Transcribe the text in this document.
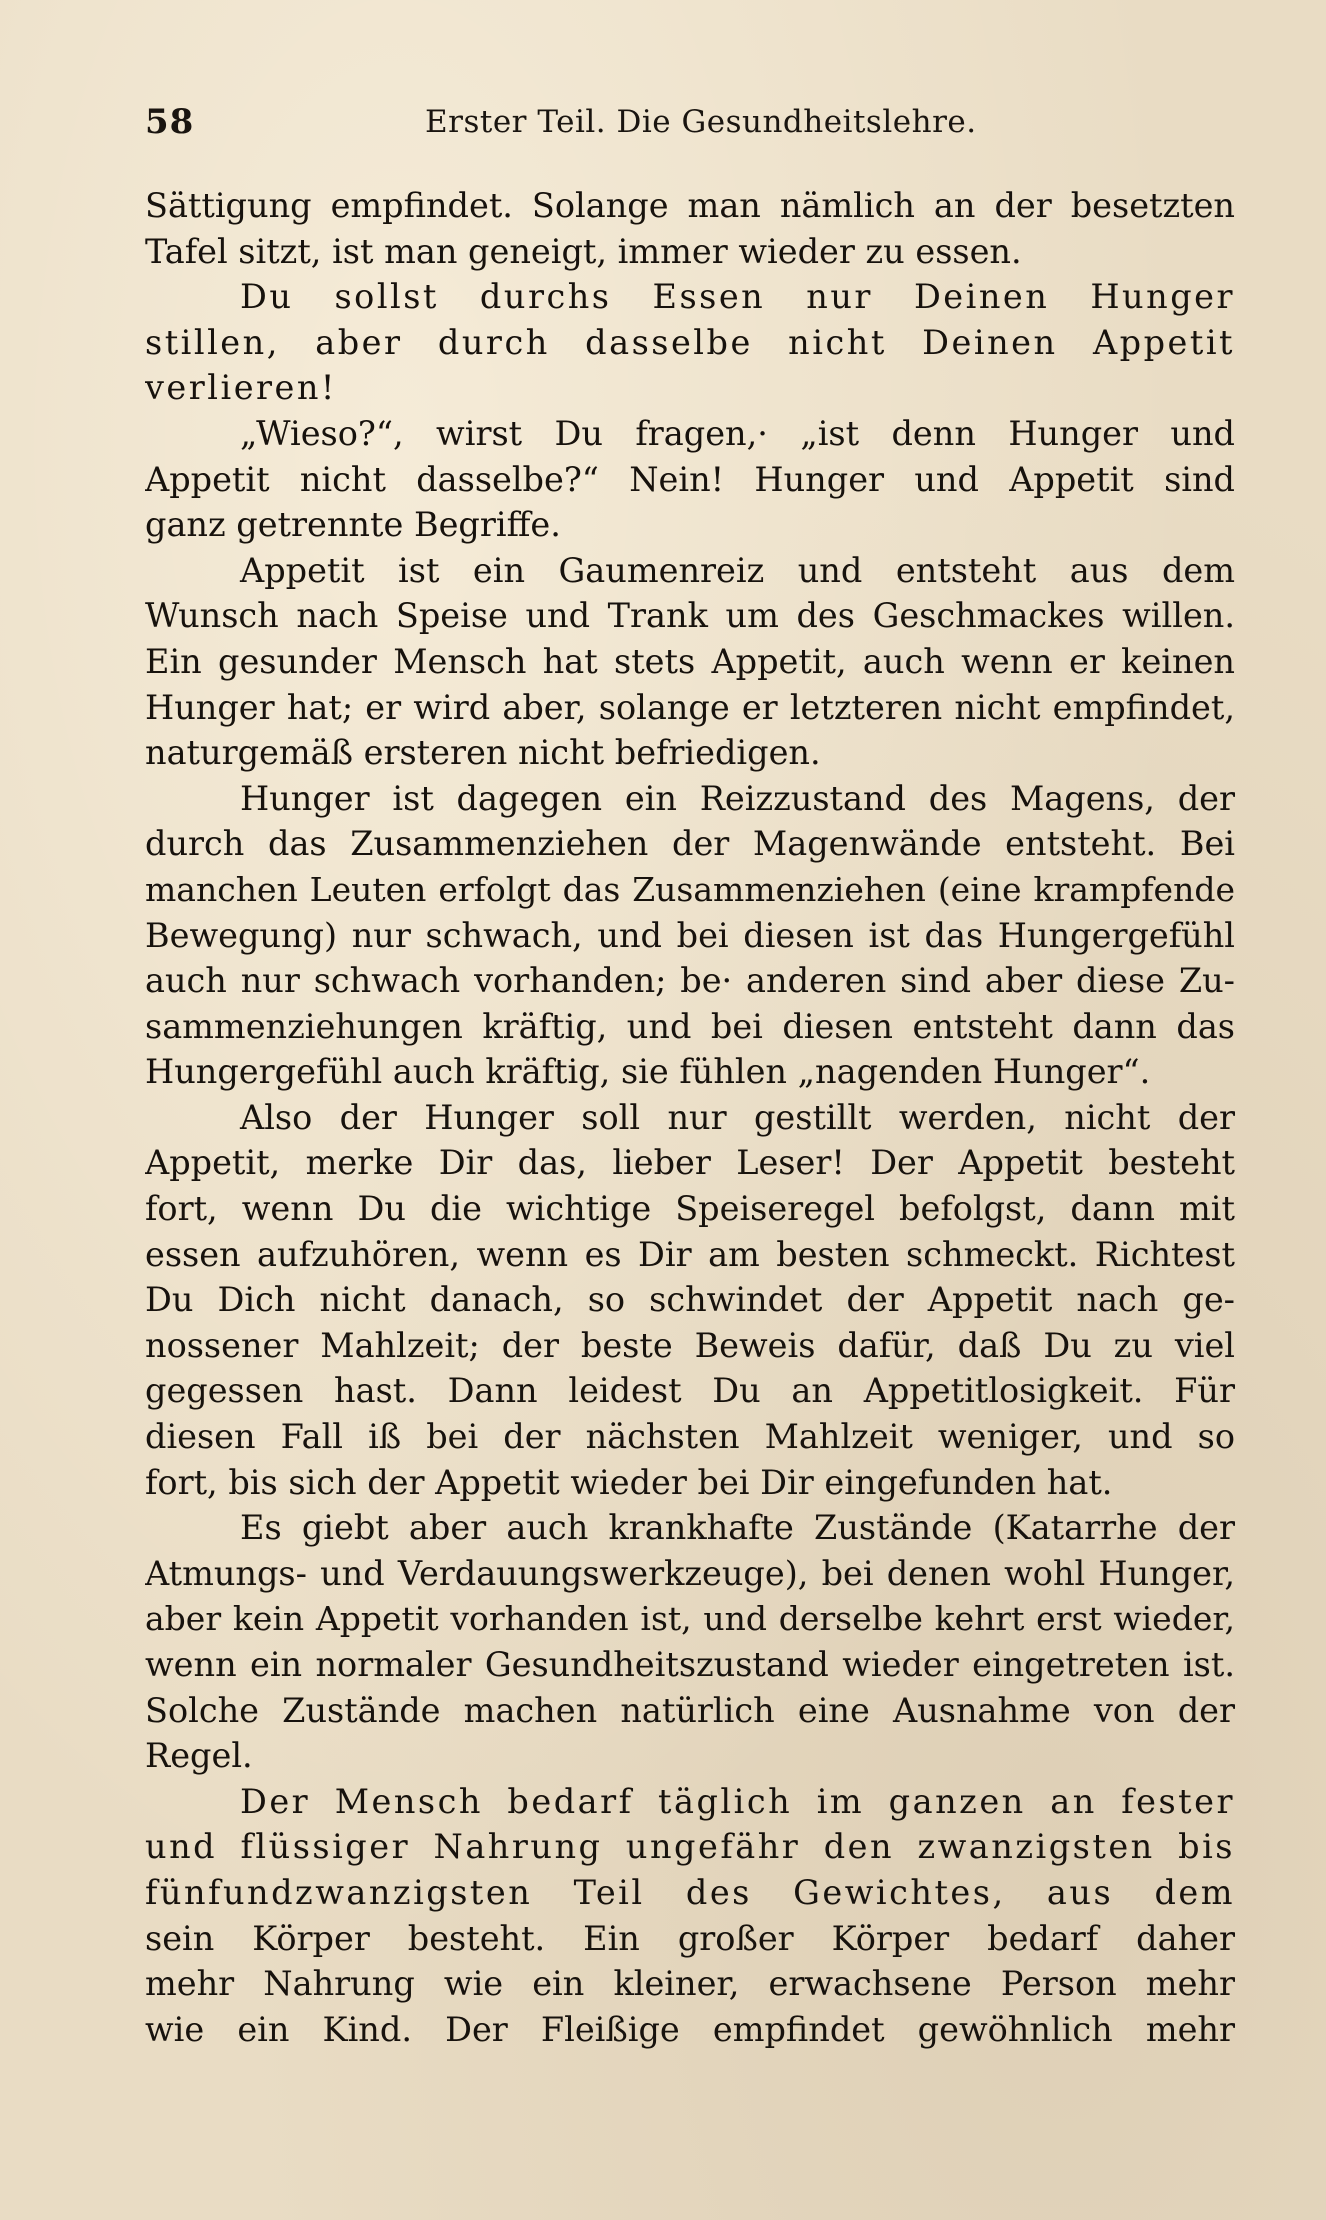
58	Erster Teil. Die Gesundheitslehre.
Sättigung empfindet. Solange man nämlich an der besetzten
Tafel sitzt, ist man geneigt, immer wieder zu essen.
Du sollst durchs Essen nur Deinen Hunger
stillen, aber durch dasselbe nicht Deinen Appetit
verlieren!
„Wieso?“, wirst Du fragen,· „ist denn Hunger und
Appetit nicht dasselbe?“ Nein! Hunger und Appetit sind
ganz getrennte Begriffe.
Appetit ist ein Gaumenreiz und entsteht aus dem
Wunsch nach Speise und Trank um des Geschmackes willen.
Ein gesunder Mensch hat stets Appetit, auch wenn er keinen
Hunger hat; er wird aber, solange er letzteren nicht empfindet,
naturgemäß ersteren nicht befriedigen.
Hunger ist dagegen ein Reizzustand des Magens, der
durch das Zusammenziehen der Magenwände entsteht. Bei
manchen Leuten erfolgt das Zusammenziehen (eine krampfende
Bewegung) nur schwach, und bei diesen ist das Hungergefühl
auch nur schwach vorhanden; be· anderen sind aber diese Zu-
sammenziehungen kräftig, und bei diesen entsteht dann das
Hungergefühl auch kräftig, sie fühlen „nagenden Hunger“.
Also der Hunger soll nur gestillt werden, nicht der
Appetit, merke Dir das, lieber Leser! Der Appetit besteht
fort, wenn Du die wichtige Speiseregel befolgst, dann mit
essen aufzuhören, wenn es Dir am besten schmeckt. Richtest
Du Dich nicht danach, so schwindet der Appetit nach ge-
nossener Mahlzeit; der beste Beweis dafür, daß Du zu viel
gegessen hast. Dann leidest Du an Appetitlosigkeit. Für
diesen Fall iß bei der nächsten Mahlzeit weniger, und so
fort, bis sich der Appetit wieder bei Dir eingefunden hat.
Es giebt aber auch krankhafte Zustände (Katarrhe der
Atmungs- und Verdauungswerkzeuge), bei denen wohl Hunger,
aber kein Appetit vorhanden ist, und derselbe kehrt erst wieder,
wenn ein normaler Gesundheitszustand wieder eingetreten ist.
Solche Zustände machen natürlich eine Ausnahme von der
Regel.
Der Mensch bedarf täglich im ganzen an fester
und flüssiger Nahrung ungefähr den zwanzigsten bis
fünfundzwanzigsten Teil des Gewichtes, aus dem
sein Körper besteht. Ein großer Körper bedarf daher
mehr Nahrung wie ein kleiner, erwachsene Person mehr
wie ein Kind. Der Fleißige empfindet gewöhnlich mehr
